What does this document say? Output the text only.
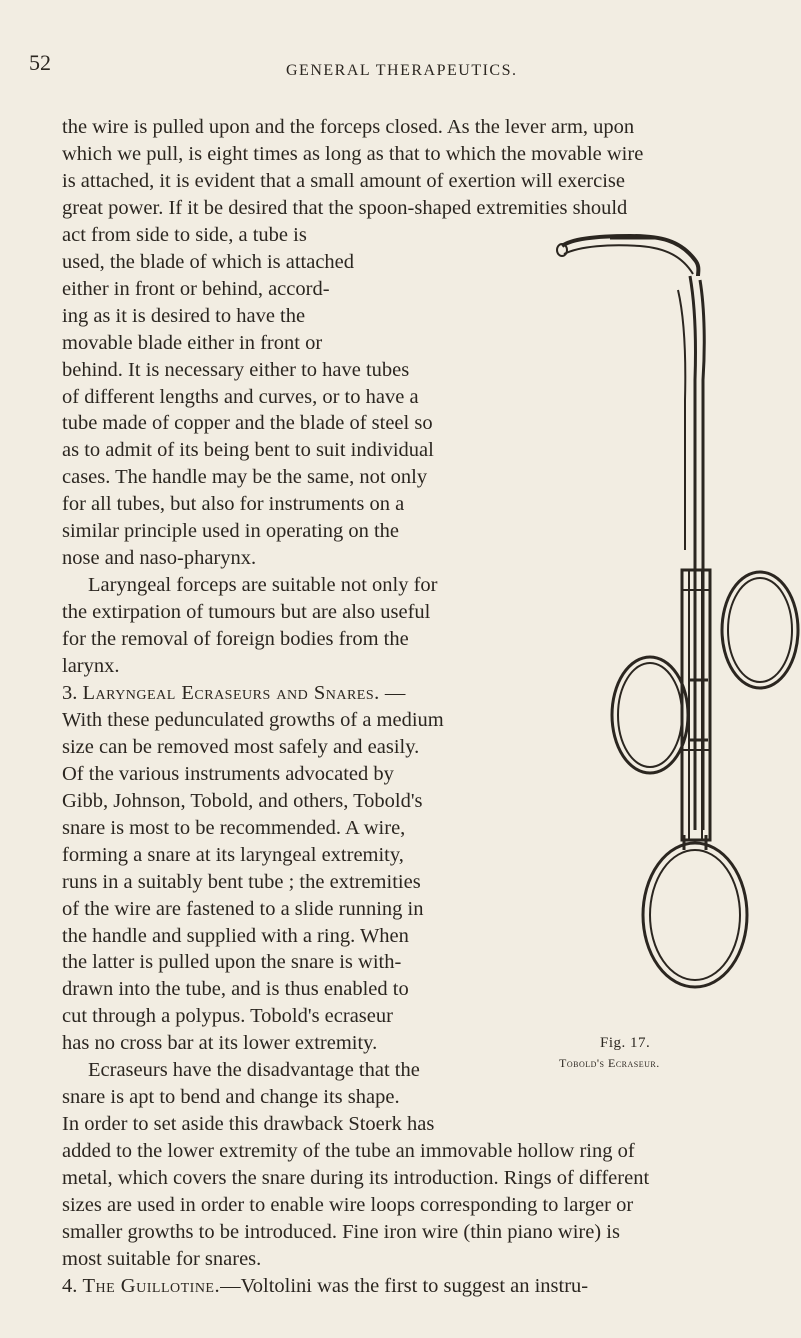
52	GENERAL THERAPEUTICS.
the wire is pulled upon and the forceps closed. As the lever arm, upon
which we pull, is eight times as long as that to which the movable wire
is attached, it is evident that a small amount of exertion will exercise
great power. If it be desired that the spoon-shaped extremities should
act from side to side, a tube is
used, the blade of which is attached
either in front or behind, accord-
ing as it is desired to have the
movable blade either in front or
behind. It is necessary either to have tubes
of different lengths and curves, or to have a
tube made of copper and the blade of steel so
as to admit of its being bent to suit individual
cases. The handle may be the same, not only
for all tubes, but also for instruments on a
similar principle used in operating on the
nose and naso-pharynx.
Laryngeal forceps are suitable not only for
the extirpation of tumours but are also useful
for the removal of foreign bodies from the
larynx.
3. Laryngeal Ecraseurs and Snares. —
With these pedunculated growths of a medium
size can be removed most safely and easily.
Of the various instruments advocated by
Gibb, Johnson, Tobold, and others, Tobold's
snare is most to be recommended. A wire,
forming a snare at its laryngeal extremity,
runs in a suitably bent tube ; the extremities
of the wire are fastened to a slide running in
the handle and supplied with a ring. When
the latter is pulled upon the snare is with-
drawn into the tube, and is thus enabled to
cut through a polypus. Tobold's ecraseur
has no cross bar at its lower extremity.
Ecraseurs have the disadvantage that the
snare is apt to bend and change its shape.
In order to set aside this drawback Stoerk has
added to the lower extremity of the tube an immovable hollow ring of
metal, which covers the snare during its introduction. Rings of different
sizes are used in order to enable wire loops corresponding to larger or
smaller growths to be introduced. Fine iron wire (thin piano wire) is
most suitable for snares.
4. The Guillotine.—Voltolini was the first to suggest an instru-
Fig. 17.
Tobold's Ecraseur.
